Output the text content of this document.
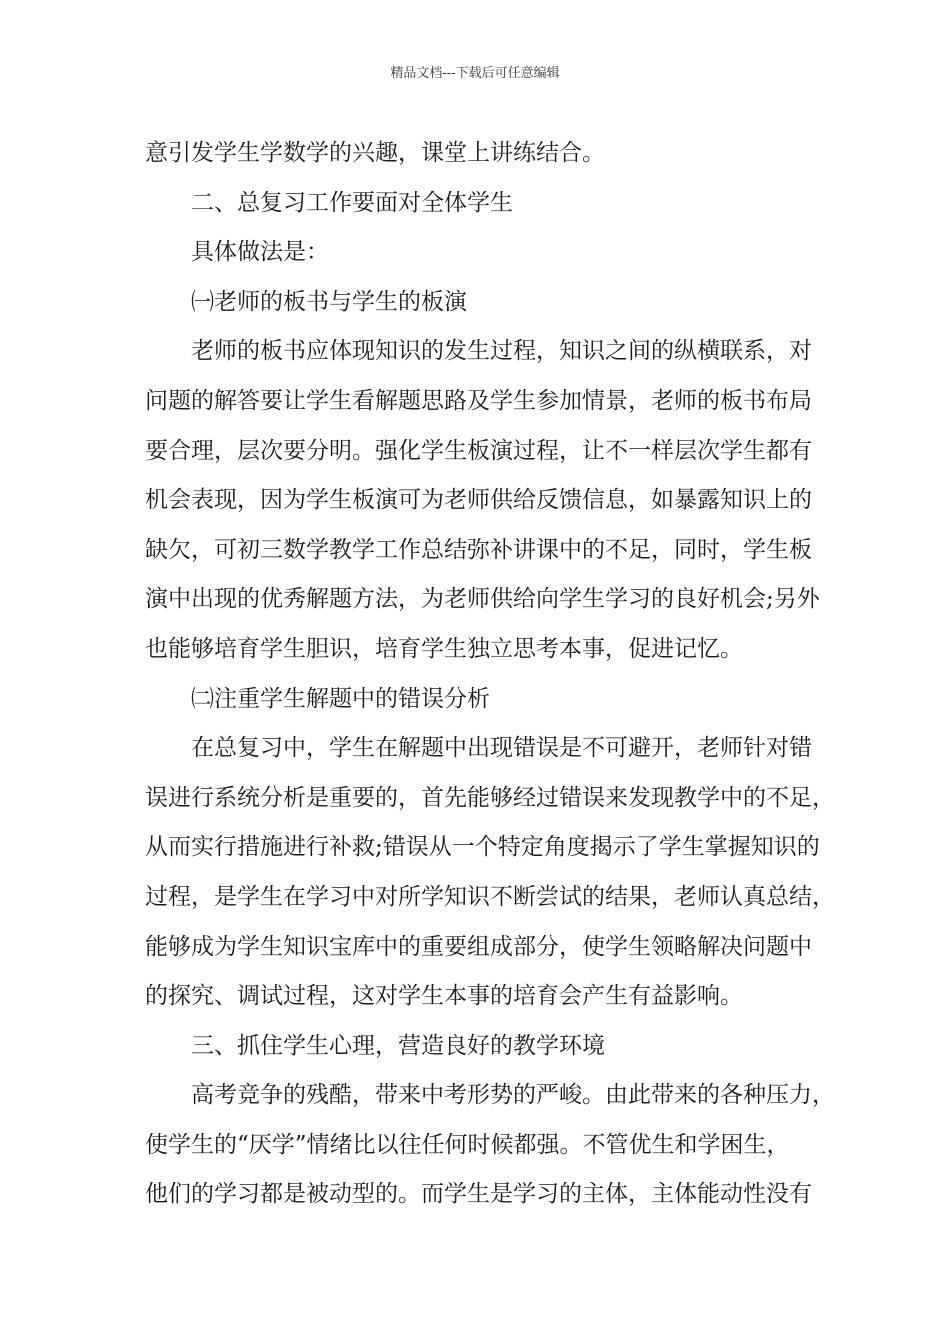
精品文档---下载后可任意编辑
意引发学生学数学的兴趣，课堂上讲练结合。
二、总复习工作要面对全体学生
具体做法是：
㈠老师的板书与学生的板演
老师的板书应体现知识的发生过程，知识之间的纵横联系，对
问题的解答要让学生看解题思路及学生参加情景，老师的板书布局
要合理，层次要分明。强化学生板演过程，让不一样层次学生都有
机会表现，因为学生板演可为老师供给反馈信息，如暴露知识上的
缺欠，可初三数学教学工作总结弥补讲课中的不足，同时，学生板
演中出现的优秀解题方法，为老师供给向学生学习的良好机会;另外
也能够培育学生胆识，培育学生独立思考本事，促进记忆。
㈡注重学生解题中的错误分析
在总复习中，学生在解题中出现错误是不可避开，老师针对错
误进行系统分析是重要的，首先能够经过错误来发现教学中的不足，
从而实行措施进行补救;错误从一个特定角度揭示了学生掌握知识的
过程，是学生在学习中对所学知识不断尝试的结果，老师认真总结，
能够成为学生知识宝库中的重要组成部分，使学生领略解决问题中
的探究、调试过程，这对学生本事的培育会产生有益影响。
三、抓住学生心理，营造良好的教学环境
高考竞争的残酷，带来中考形势的严峻。由此带来的各种压力，
使学生的“厌学”情绪比以往任何时候都强。不管优生和学困生，
他们的学习都是被动型的。而学生是学习的主体，主体能动性没有
